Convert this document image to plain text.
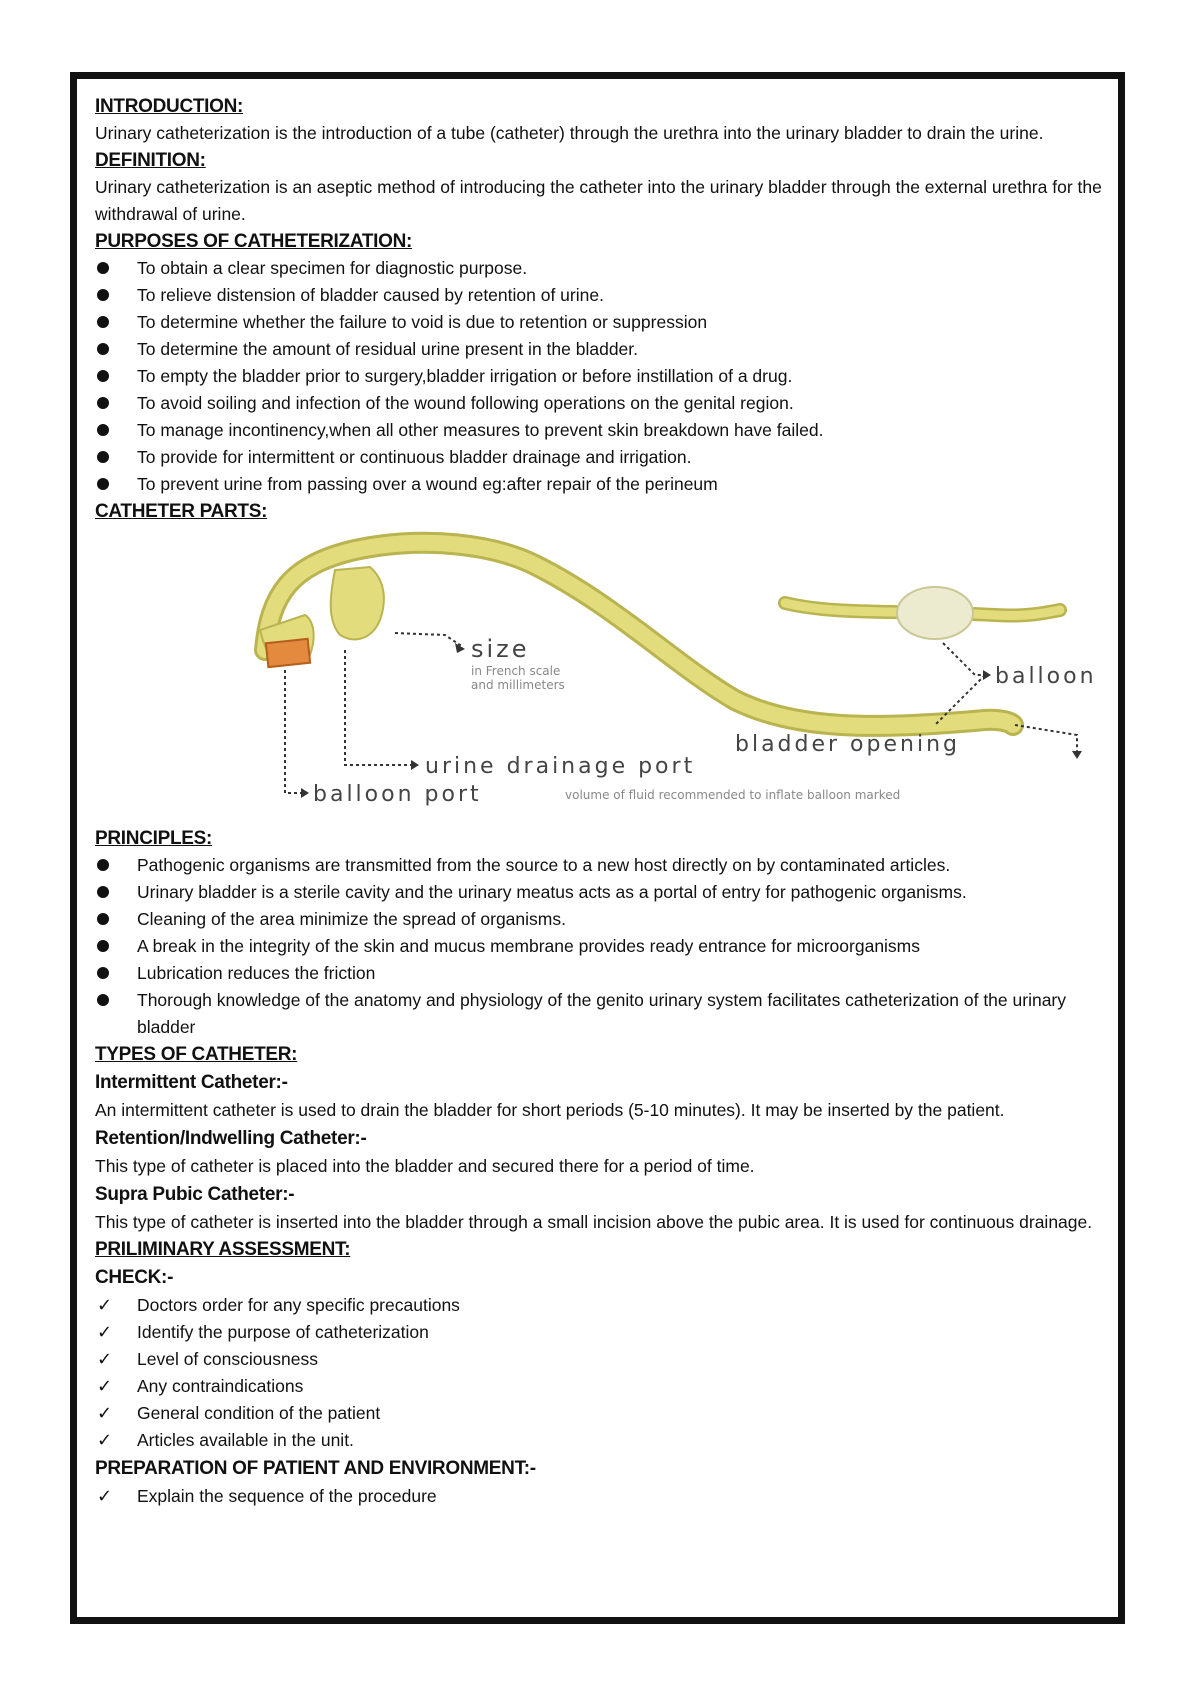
INTRODUCTION:

Urinary catheterization is the introduction of a tube (catheter) through the urethra into the urinary bladder to drain the urine.

DEFINITION:

Urinary catheterization is an aseptic method of introducing the catheter into the urinary bladder through the external urethra for the withdrawal of urine.

PURPOSES OF CATHETERIZATION:

To obtain a clear specimen for diagnostic purpose.
To relieve distension of bladder caused by retention of urine.
To determine whether the failure to void is due to retention or suppression
To determine the amount of residual urine present in the bladder.
To empty the bladder prior to surgery,bladder irrigation or before instillation of a drug.
To avoid soiling and infection of the wound following operations on the genital region.
To manage incontinency,when all other measures to prevent skin breakdown have failed.
To provide for intermittent or continuous bladder drainage and irrigation.
To prevent urine from passing over a wound eg:after repair of the perineum

CATHETER PARTS:

size
in French scale
and millimeters	balloon
bladder opening
urine drainage port
balloon port	volume of fluid recommended to inflate balloon marked

PRINCIPLES:

Pathogenic organisms are transmitted from the source to a new host directly on by contaminated articles.
Urinary bladder is a sterile cavity and the urinary meatus acts as a portal of entry for pathogenic organisms.
Cleaning of the area minimize the spread of organisms.
A break in the integrity of the skin and mucus membrane provides ready entrance for microorganisms
Lubrication reduces the friction
Thorough knowledge of the anatomy and physiology of the genito urinary system facilitates catheterization of the urinary bladder

TYPES OF CATHETER:

Intermittent Catheter:-

An intermittent catheter is used to drain the bladder for short periods (5-10 minutes). It may be inserted by the patient.

Retention/Indwelling Catheter:-

This type of catheter is placed into the bladder and secured there for a period of time.

Supra Pubic Catheter:-

This type of catheter is inserted into the bladder through a small incision above the pubic area. It is used for continuous drainage.

PRILIMINARY ASSESSMENT:

CHECK:-

✓	Doctors order for any specific precautions
✓	Identify the purpose of catheterization
✓	Level of consciousness
✓	Any contraindications
✓	General condition of the patient
✓	Articles available in the unit.

PREPARATION OF PATIENT AND ENVIRONMENT:-

✓	Explain the sequence of the procedure
